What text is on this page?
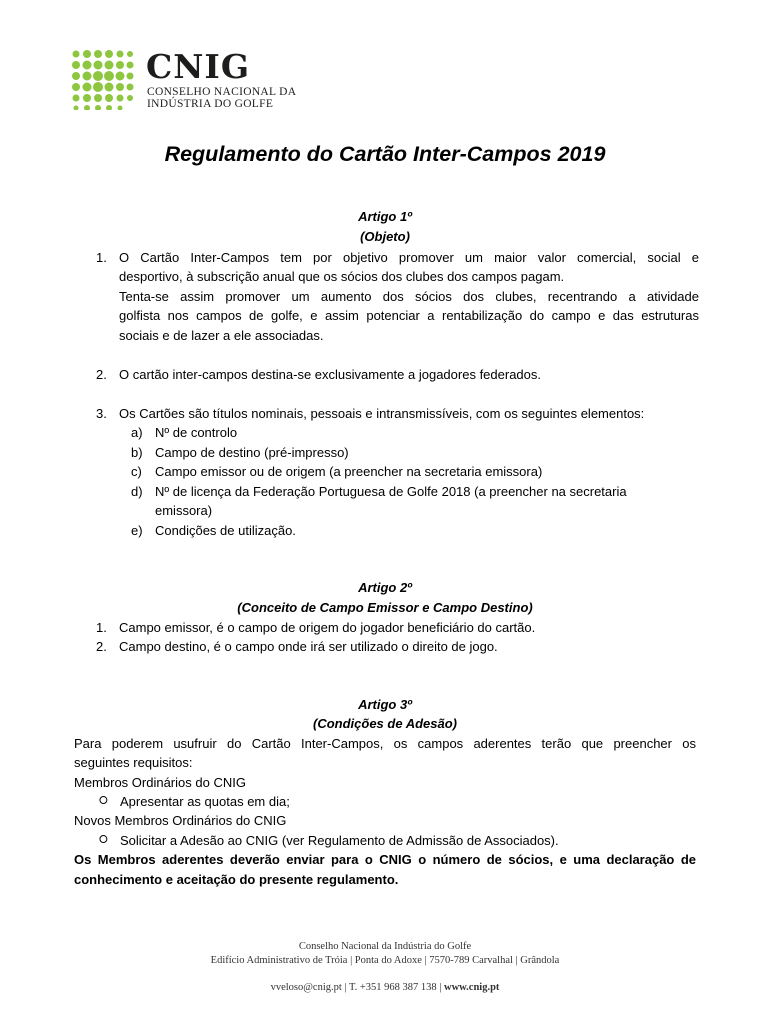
CNIG
CONSELHO NACIONAL DA
INDÚSTRIA DO GOLFE
Regulamento do Cartão Inter-Campos 2019
Artigo 1º
(Objeto)
1. O Cartão Inter-Campos tem por objetivo promover um maior valor comercial, social e
desportivo, à subscrição anual que os sócios dos clubes dos campos pagam.
Tenta-se assim promover um aumento dos sócios dos clubes, recentrando a atividade
golfista nos campos de golfe, e assim potenciar a rentabilização do campo e das estruturas
sociais e de lazer a ele associadas.
2. O cartão inter-campos destina-se exclusivamente a jogadores federados.
3. Os Cartões são títulos nominais, pessoais e intransmissíveis, com os seguintes elementos:
a) Nº de controlo
b) Campo de destino (pré-impresso)
c) Campo emissor ou de origem (a preencher na secretaria emissora)
d) Nº de licença da Federação Portuguesa de Golfe 2018 (a preencher na secretaria
emissora)
e) Condições de utilização.
Artigo 2º
(Conceito de Campo Emissor e Campo Destino)
1. Campo emissor, é o campo de origem do jogador beneficiário do cartão.
2. Campo destino, é o campo onde irá ser utilizado o direito de jogo.
Artigo 3º
(Condições de Adesão)
Para poderem usufruir do Cartão Inter-Campos, os campos aderentes terão que preencher os
seguintes requisitos:
Membros Ordinários do CNIG
⭘ Apresentar as quotas em dia;
Novos Membros Ordinários do CNIG
⭘ Solicitar a Adesão ao CNIG (ver Regulamento de Admissão de Associados).
Os Membros aderentes deverão enviar para o CNIG o número de sócios, e uma declaração de
conhecimento e aceitação do presente regulamento.
Conselho Nacional da Indústria do Golfe
Edifício Administrativo de Tróia | Ponta do Adoxe | 7570-789 Carvalhal | Grândola
vveloso@cnig.pt | T. +351 968 387 138 | www.cnig.pt
